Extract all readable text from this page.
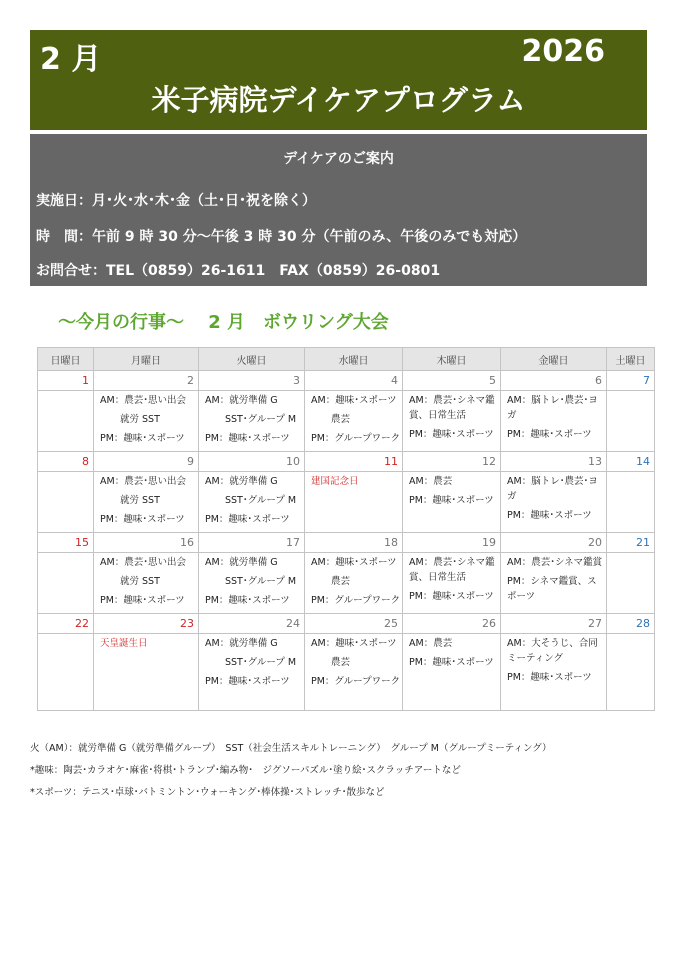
2 月	2026
米子病院デイケアプログラム
デイケアのご案内
実施日：月･火･水･木･金（土･日･祝を除く）
時　間：午前 9 時 30 分～午後 3 時 30 分（午前のみ、午後のみでも対応）
お問合せ：TEL（0859）26-1611　FAX（0859）26-0801
～今月の行事～　 2 月　ボウリング大会
日曜日	月曜日	火曜日	水曜日	木曜日	金曜日	土曜日
1	2	3	4	5	6	7

	AM：農芸･思い出会
就労 SST
PM：趣味･スポーツ	AM：就労準備 G
SST･グループ M
PM：趣味･スポーツ	AM：趣味･スポーツ
農芸
PM：グループワーク	AM：農芸･シネマ鑑賞、日常生活
PM：趣味･スポーツ	AM：脳トレ･農芸･ヨガ
PM：趣味･スポーツ	

8	9	10	11	12	13	14

	AM：農芸･思い出会
就労 SST
PM：趣味･スポーツ	AM：就労準備 G
SST･グループ M
PM：趣味･スポーツ	建国記念日	AM：農芸
PM：趣味･スポーツ	AM：脳トレ･農芸･ヨガ
PM：趣味･スポーツ	

15	16	17	18	19	20	21

	AM：農芸･思い出会
就労 SST
PM：趣味･スポーツ	AM：就労準備 G
SST･グループ M
PM：趣味･スポーツ	AM：趣味･スポーツ
農芸
PM：グループワーク	AM：農芸･シネマ鑑賞、日常生活
PM：趣味･スポーツ	AM：農芸･シネマ鑑賞
PM：シネマ鑑賞、スポーツ	

22	23	24	25	26	27	28

	天皇誕生日	AM：就労準備 G
SST･グループ M
PM：趣味･スポーツ	AM：趣味･スポーツ
農芸
PM：グループワーク	AM：農芸
PM：趣味･スポーツ	AM：大そうじ、合同ミーティング
PM：趣味･スポーツ	

火（AM）：就労準備 G（就労準備グループ）　SST（社会生活スキルトレーニング）　グループ M（グループミーティング）
*趣味：陶芸･カラオケ･麻雀･将棋･トランプ･編み物･　ジグソーパズル･塗り絵･スクラッチアートなど
*スポーツ：テニス･卓球･バトミントン･ウォーキング･棒体操･ストレッチ･散歩など
